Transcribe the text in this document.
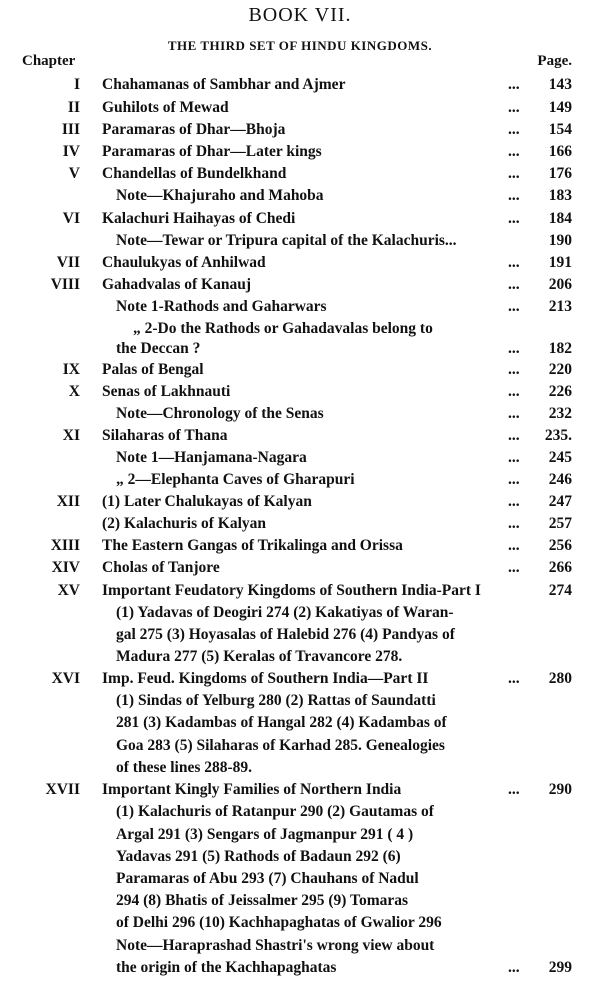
BOOK VII.
THE THIRD SET OF HINDU KINGDOMS.
Chapter	Page.
I Chahamanas of Sambhar and Ajmer	... 143
II Guhilots of Mewad	... 149
III Paramaras of Dhar—Bhoja	... 154
IV Paramaras of Dhar—Later kings	... 166
V Chandellas of Bundelkhand	... 176
Note—Khajuraho and Mahoba	... 183
VI Kalachuri Haihayas of Chedi	... 184
Note—Tewar or Tripura capital of the Kalachuris...	190
VII Chaulukyas of Anhilwad	... 191
VIII Gahadvalas of Kanauj	... 206
Note 1-Rathods and Gaharwars	... 213
„ 2-Do the Rathods or Gahadavalas belong to
the Deccan ?	... 182
IX Palas of Bengal	... 220
X Senas of Lakhnauti	... 226
Note—Chronology of the Senas	... 232
XI Silaharas of Thana	... 235.
Note 1—Hanjamana-Nagara	... 245
„ 2—Elephanta Caves of Gharapuri	... 246
XII (1) Later Chalukayas of Kalyan	... 247
(2) Kalachuris of Kalyan	... 257
XIII The Eastern Gangas of Trikalinga and Orissa	... 256
XIV Cholas of Tanjore	... 266
XV Important Feudatory Kingdoms of Southern India-Part I	274
(1) Yadavas of Deogiri 274 (2) Kakatiyas of Waran-
gal 275 (3) Hoyasalas of Halebid 276 (4) Pandyas of
Madura 277 (5) Keralas of Travancore 278.
XVI Imp. Feud. Kingdoms of Southern India—Part II	... 280
(1) Sindas of Yelburg 280 (2) Rattas of Saundatti
281 (3) Kadambas of Hangal 282 (4) Kadambas of
Goa 283 (5) Silaharas of Karhad 285. Genealogies
of these lines 288-89.
XVII Important Kingly Families of Northern India	... 290
(1) Kalachuris of Ratanpur 290 (2) Gautamas of
Argal 291 (3) Sengars of Jagmanpur 291 ( 4 )
Yadavas 291 (5) Rathods of Badaun 292 (6)
Paramaras of Abu 293 (7) Chauhans of Nadul
294 (8) Bhatis of Jeissalmer 295 (9) Tomaras
of Delhi 296 (10) Kachhapaghatas of Gwalior 296
Note—Haraprashad Shastri's wrong view about
the origin of the Kachhapaghatas	... 299
